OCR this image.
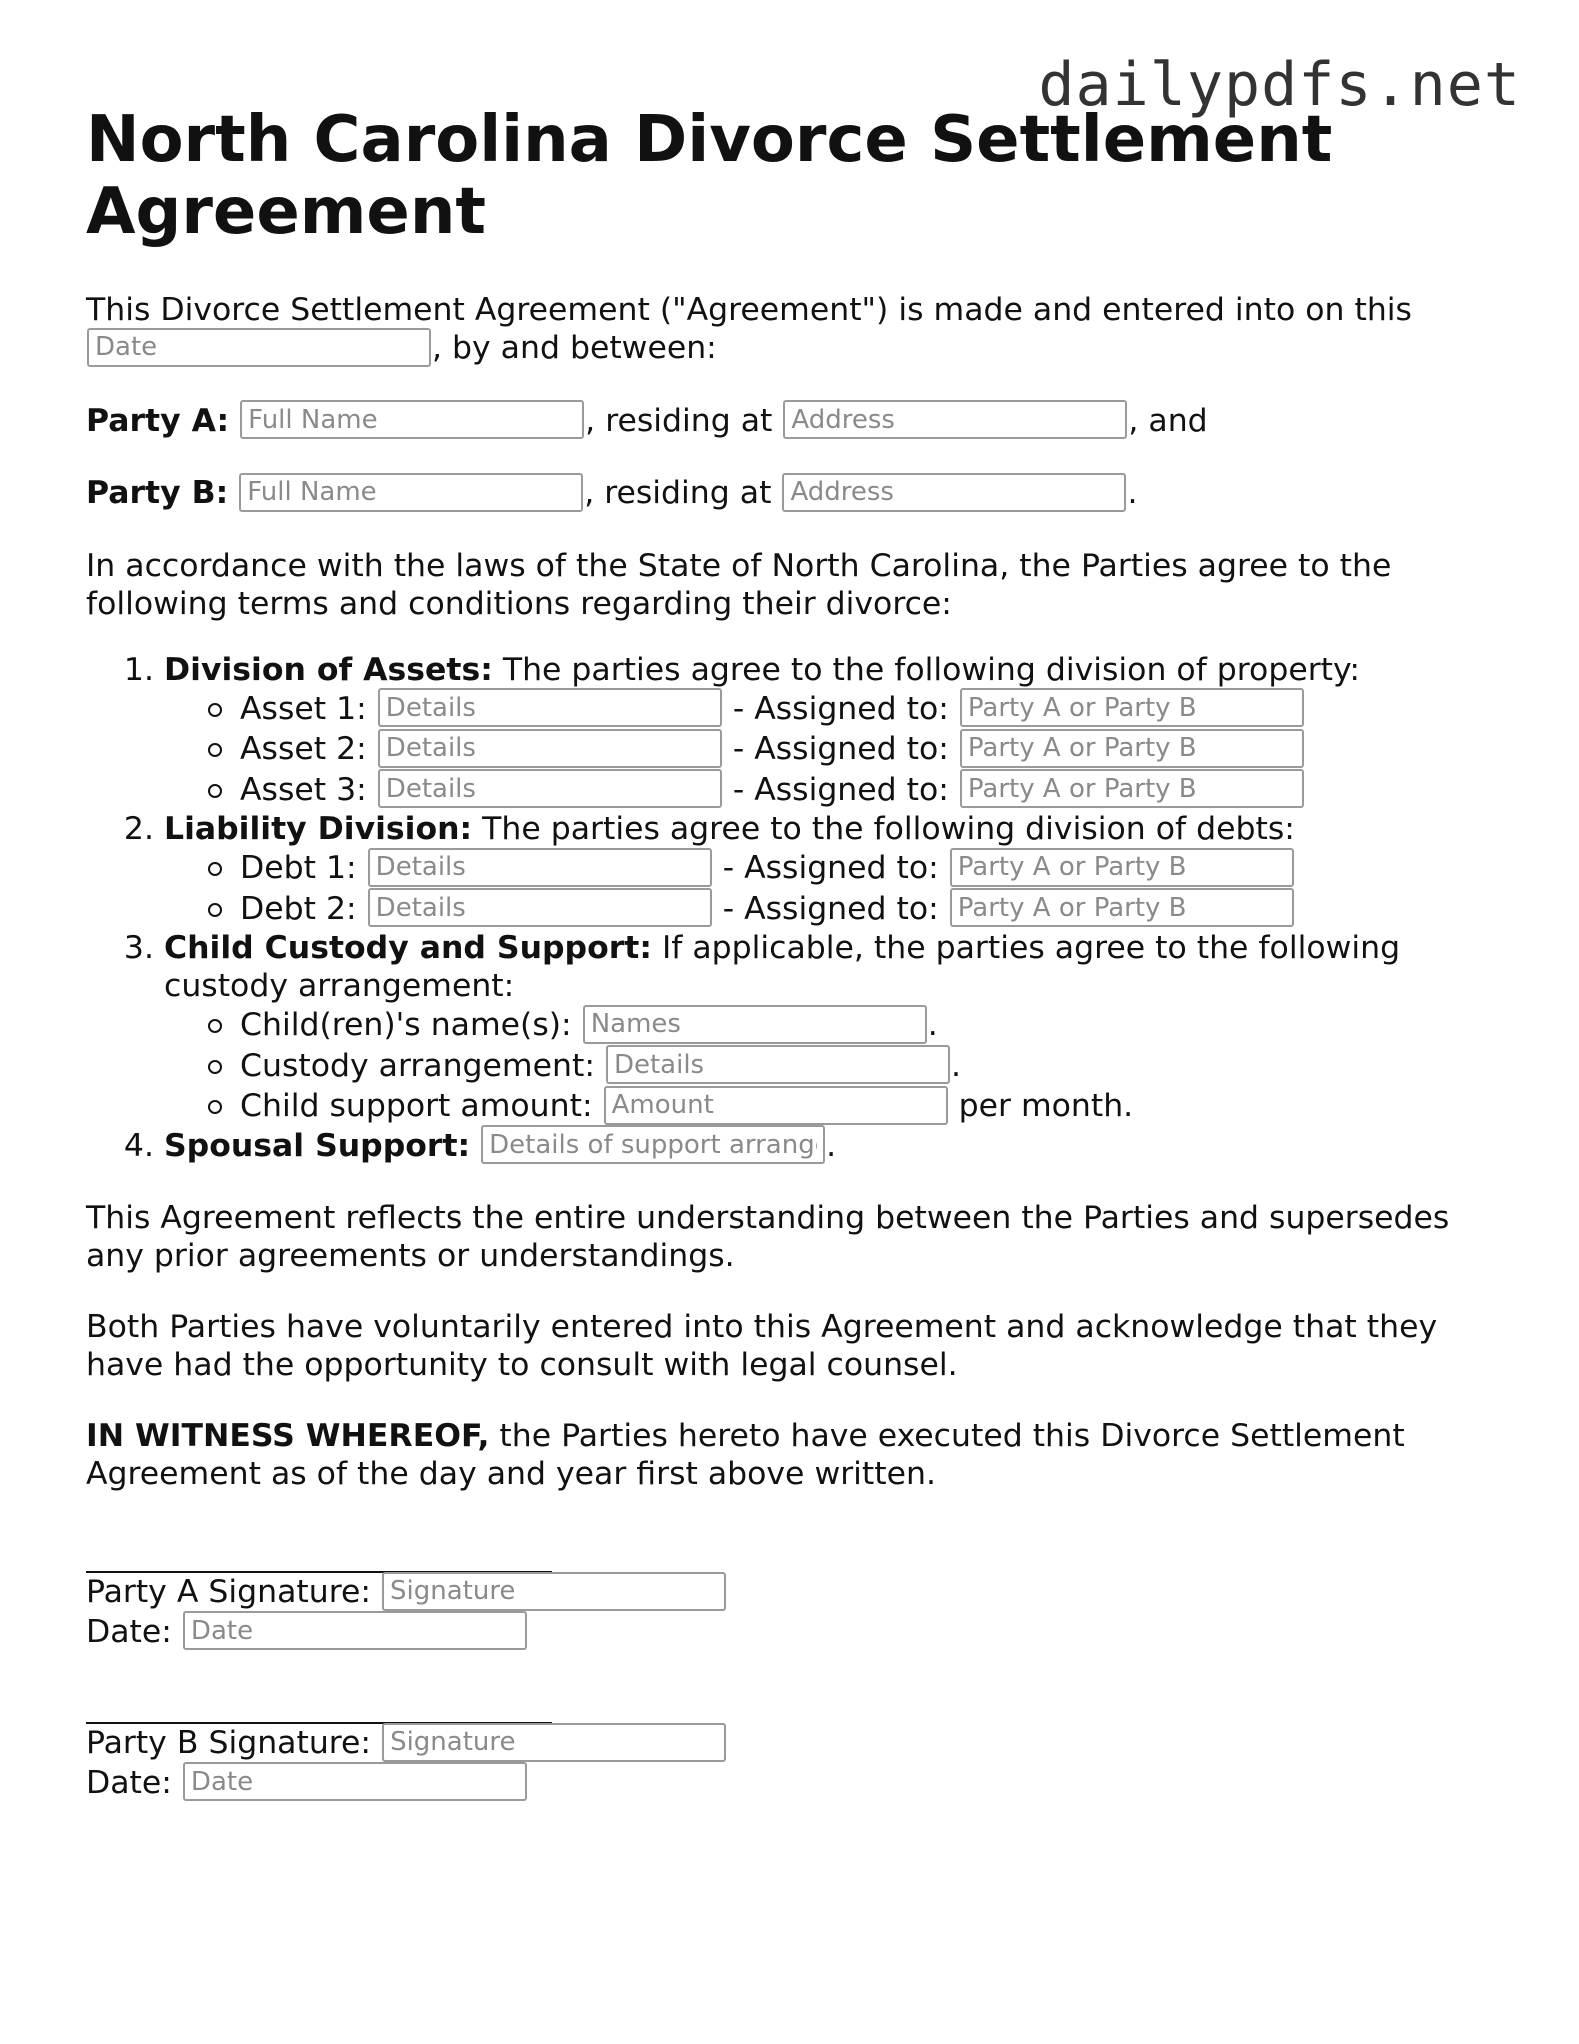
dailypdfs.net
North Carolina Divorce Settlement Agreement

This Divorce Settlement Agreement ("Agreement") is made and entered into on this Date, by and between:

Party A: Full Name	, residing at Address	, and

Party B: Full Name	, residing at Address	.

In accordance with the laws of the State of North Carolina, the Parties agree to the following terms and conditions regarding their divorce:

1. Division of Assets: The parties agree to the following division of property:
Asset 1: Details	- Assigned to: Party A or Party B
Asset 2: Details	- Assigned to: Party A or Party B
Asset 3: Details	- Assigned to: Party A or Party B
2. Liability Division: The parties agree to the following division of debts:
Debt 1: Details	- Assigned to: Party A or Party B
Debt 2: Details	- Assigned to: Party A or Party B
3. Child Custody and Support: If applicable, the parties agree to the following custody arrangement:
Child(ren)'s name(s): Names	.
Custody arrangement: Details	.
Child support amount: Amount	per month.
4. Spousal Support: Details of support arrangement	.

This Agreement reflects the entire understanding between the Parties and supersedes any prior agreements or understandings.

Both Parties have voluntarily entered into this Agreement and acknowledge that they have had the opportunity to consult with legal counsel.

IN WITNESS WHEREOF, the Parties hereto have executed this Divorce Settlement Agreement as of the day and year first above written.

Party A Signature: Signature
Date: Date
Party B Signature: Signature
Date: Date
